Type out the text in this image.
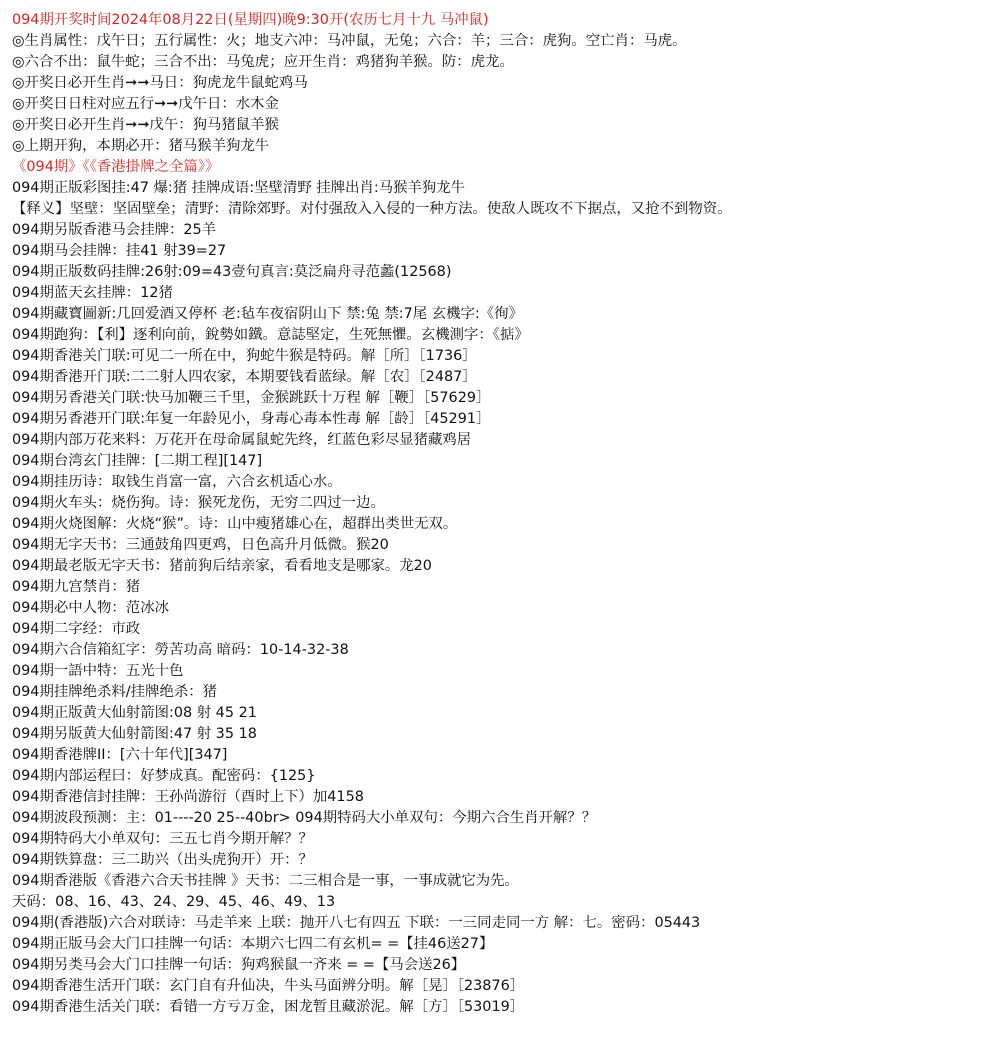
094期开奖时间2024年08月22日(星期四)晚9:30开(农历七月十九 马冲鼠)
◎生肖属性：戊午日；五行属性：火；地支六冲：马冲鼠，无兔；六合：羊；三合：虎狗。空亡肖：马虎。
◎六合不出：鼠牛蛇；三合不出：马兔虎；应开生肖：鸡猪狗羊猴。防：虎龙。
◎开奖日必开生肖➞➞马日：狗虎龙牛鼠蛇鸡马
◎开奖日日柱对应五行➞➞戊午日：水木金
◎开奖日必开生肖➞➞戊午：狗马猪鼠羊猴
◎上期开狗，本期必开：猪马猴羊狗龙牛
《094期》《《香港掛牌之全篇》》
094期正版彩图挂:47 爆:猪 挂牌成语:坚壁清野 挂牌出肖:马猴羊狗龙牛
【释义】坚壁：坚固壁垒；清野：清除郊野。对付强敌入入侵的一种方法。使敌人既攻不下据点，又抢不到物资。
094期另版香港马会挂牌：25羊
094期马会挂牌：挂41 射39=27
094期正版数码挂牌:26射:09=43壹句真言:莫泛扁舟寻范蠡(12568)
094期蓝天玄挂牌：12猪
094期藏寶圖新:几回爱酒又停杯 老:毡车夜宿阴山下 禁:兔 禁:7尾 玄機字:《徇》
094期跑狗：【利】逐利向前，銳勢如鐵。意誌堅定，生死無懼。玄機測字：《掂》
094期香港关门联:可见二一所在中，狗蛇牛猴是特码。解［所］［1736］
094期香港开门联:二二射人四农家，本期要钱看蓝绿。解［农］［2487］
094期另香港关门联:快马加鞭三千里，金猴跳跃十万程 解［鞭］［57629］
094期另香港开门联:年复一年龄见小，身毒心毒本性毒 解［龄］［45291］
094期内部万花来料：万花开在母命属鼠蛇先终，红蓝色彩尽显猪藏鸡居
094期台湾玄门挂牌：[二期工程][147]
094期挂历诗：取钱生肖富一富，六合玄机适心水。
094期火车头：烧伤狗。诗：猴死龙伤，无穷二四过一边。
094期火烧图解：火烧“猴”。诗：山中瘦猪雄心在，超群出类世无双。
094期无字天书：三通鼓角四更鸡，日色高升月低微。猴20
094期最老版无字天书：猪前狗后结亲家，看看地支是哪家。龙20
094期九宫禁肖：猪
094期必中人物：范冰冰
094期二字经：市政
094期六合信箱紅字：勞苦功高 暗码：10-14-32-38
094期一語中特：五光十色
094期挂牌绝杀料/挂牌绝杀：猪
094期正版黄大仙射箭图:08 射 45 21
094期另版黄大仙射箭图:47 射 35 18
094期香港牌II：[六十年代][347]
094期内部运程曰：好梦成真。配密码：{125}
094期香港信封挂牌：王孙尚游衍（酉时上下）加4158
094期波段预测：主：01----20 25--40br> 094期特码大小单双句：今期六合生肖开解？？
094期特码大小单双句：三五七肖今期开解？？
094期铁算盘：三二助兴（出头虎狗开）开：？
094期香港版《香港六合天书挂牌 》天书：二三相合是一事，一事成就它为先。
天码：08、16、43、24、29、45、46、49、13
094期(香港版)六合对联诗：马走羊来 上联：抛开八七有四五 下联：一三同走同一方 解：七。密码：05443
094期正版马会大门口挂牌一句话：本期六七四二有玄机= =【挂46送27】
094期另类马会大门口挂牌一句话：狗鸡猴鼠一齐来 = =【马会送26】
094期香港生活开门联：玄门自有升仙决，牛头马面辨分明。解［晃］［23876］
094期香港生活关门联：看错一方亏万金，困龙暂且藏淤泥。解［方］［53019］
